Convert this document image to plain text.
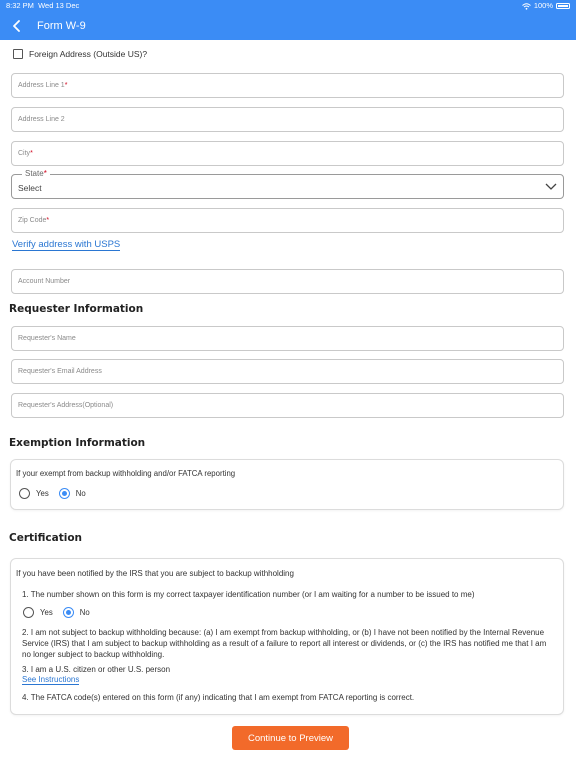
8:32 PM Wed 13 Dec	100%
Form W-9
Foreign Address (Outside US)?
Address Line 1*
Address Line 2
City*
State*
Select
Zip Code*
Verify address with USPS
Account Number
Requester Information
Requester's Name
Requester's Email Address
Requester's Address(Optional)
Exemption Information
If your exempt from backup withholding and/or FATCA reporting
Yes	No
Certification
If you have been notified by the IRS that you are subject to backup withholding
1. The number shown on this form is my correct taxpayer identification number (or I am waiting for a number to be issued to me)
Yes	No
2. I am not subject to backup withholding because: (a) I am exempt from backup withholding, or (b) I have not been notified by the Internal Revenue Service (IRS) that I am subject to backup withholding as a result of a failure to report all interest or dividends, or (c) the IRS has notified me that I am no longer subject to backup withholding.
3. I am a U.S. citizen or other U.S. person
See Instructions
4. The FATCA code(s) entered on this form (if any) indicating that I am exempt from FATCA reporting is correct.
Continue to Preview
